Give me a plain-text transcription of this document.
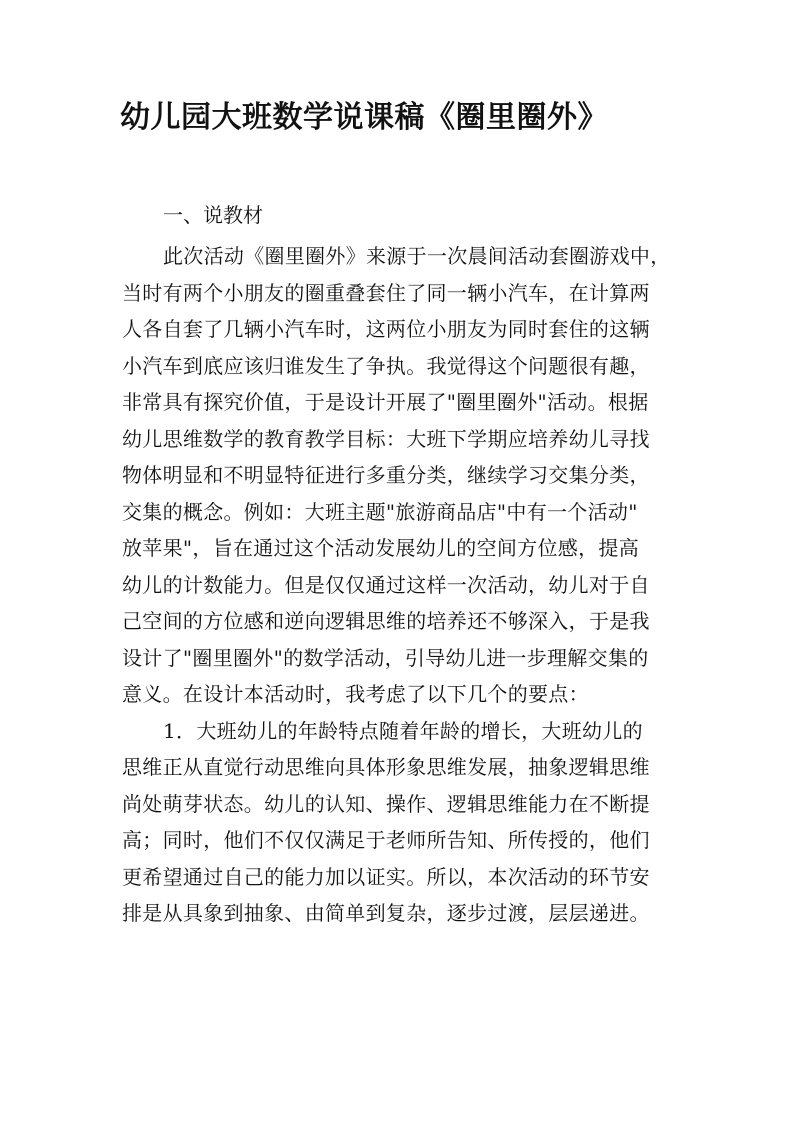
幼儿园大班数学说课稿《圈里圈外》

一、说教材

此次活动《圈里圈外》来源于一次晨间活动套圈游戏中，
当时有两个小朋友的圈重叠套住了同一辆小汽车，在计算两
人各自套了几辆小汽车时，这两位小朋友为同时套住的这辆
小汽车到底应该归谁发生了争执。我觉得这个问题很有趣，
非常具有探究价值，于是设计开展了"圈里圈外"活动。根据
幼儿思维数学的教育教学目标：大班下学期应培养幼儿寻找
物体明显和不明显特征进行多重分类，继续学习交集分类，
交集的概念。例如：大班主题"旅游商品店"中有一个活动"
放苹果"，旨在通过这个活动发展幼儿的空间方位感，提高
幼儿的计数能力。但是仅仅通过这样一次活动，幼儿对于自
己空间的方位感和逆向逻辑思维的培养还不够深入，于是我
设计了"圈里圈外"的数学活动，引导幼儿进一步理解交集的
意义。在设计本活动时，我考虑了以下几个的要点：
1．大班幼儿的年龄特点随着年龄的增长，大班幼儿的
思维正从直觉行动思维向具体形象思维发展，抽象逻辑思维
尚处萌芽状态。幼儿的认知、操作、逻辑思维能力在不断提
高；同时，他们不仅仅满足于老师所告知、所传授的，他们
更希望通过自己的能力加以证实。所以，本次活动的环节安
排是从具象到抽象、由简单到复杂，逐步过渡，层层递进。
